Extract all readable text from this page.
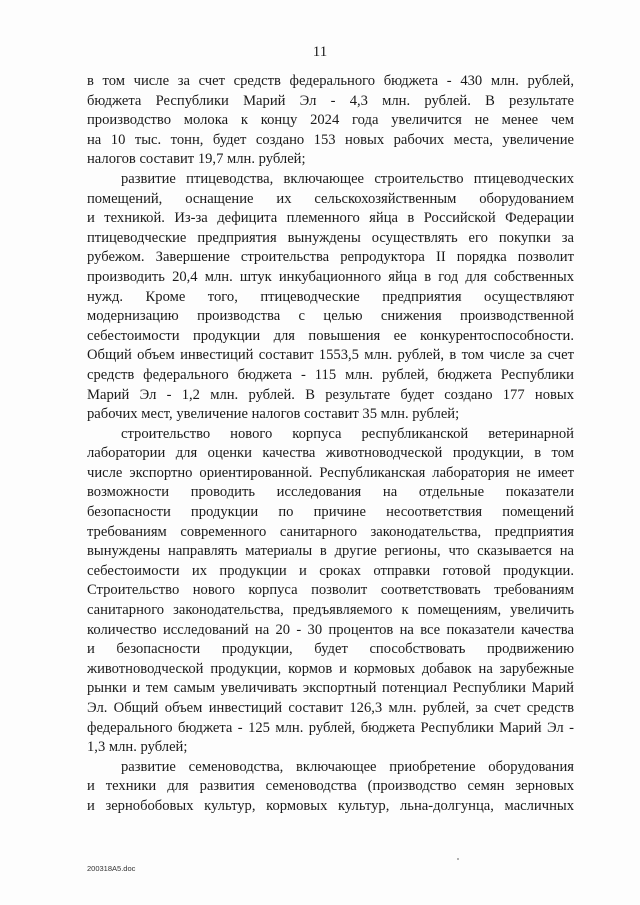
11
в том числе за счет средств федерального бюджета - 430 млн. рублей,
бюджета Республики Марий Эл - 4,3 млн. рублей. В результате
производство молока к концу 2024 года увеличится не менее чем
на 10 тыс. тонн, будет создано 153 новых рабочих места, увеличение
налогов составит 19,7 млн. рублей;
развитие птицеводства, включающее строительство птицеводческих
помещений, оснащение их сельскохозяйственным оборудованием
и техникой. Из-за дефицита племенного яйца в Российской Федерации
птицеводческие предприятия вынуждены осуществлять его покупки за
рубежом. Завершение строительства репродуктора II порядка позволит
производить 20,4 млн. штук инкубационного яйца в год для собственных
нужд. Кроме того, птицеводческие предприятия осуществляют
модернизацию производства с целью снижения производственной
себестоимости продукции для повышения ее конкурентоспособности.
Общий объем инвестиций составит 1553,5 млн. рублей, в том числе за счет
средств федерального бюджета - 115 млн. рублей, бюджета Республики
Марий Эл - 1,2 млн. рублей. В результате будет создано 177 новых
рабочих мест, увеличение налогов составит 35 млн. рублей;
строительство нового корпуса республиканской ветеринарной
лаборатории для оценки качества животноводческой продукции, в том
числе экспортно ориентированной. Республиканская лаборатория не имеет
возможности проводить исследования на отдельные показатели
безопасности продукции по причине несоответствия помещений
требованиям современного санитарного законодательства, предприятия
вынуждены направлять материалы в другие регионы, что сказывается на
себестоимости их продукции и сроках отправки готовой продукции.
Строительство нового корпуса позволит соответствовать требованиям
санитарного законодательства, предъявляемого к помещениям, увеличить
количество исследований на 20 - 30 процентов на все показатели качества
и безопасности продукции, будет способствовать продвижению
животноводческой продукции, кормов и кормовых добавок на зарубежные
рынки и тем самым увеличивать экспортный потенциал Республики Марий
Эл. Общий объем инвестиций составит 126,3 млн. рублей, за счет средств
федерального бюджета - 125 млн. рублей, бюджета Республики Марий Эл -
1,3 млн. рублей;
развитие семеноводства, включающее приобретение оборудования
и техники для развития семеноводства (производство семян зерновых
и зернобобовых культур, кормовых культур, льна-долгунца, масличных
200318A5.doc
